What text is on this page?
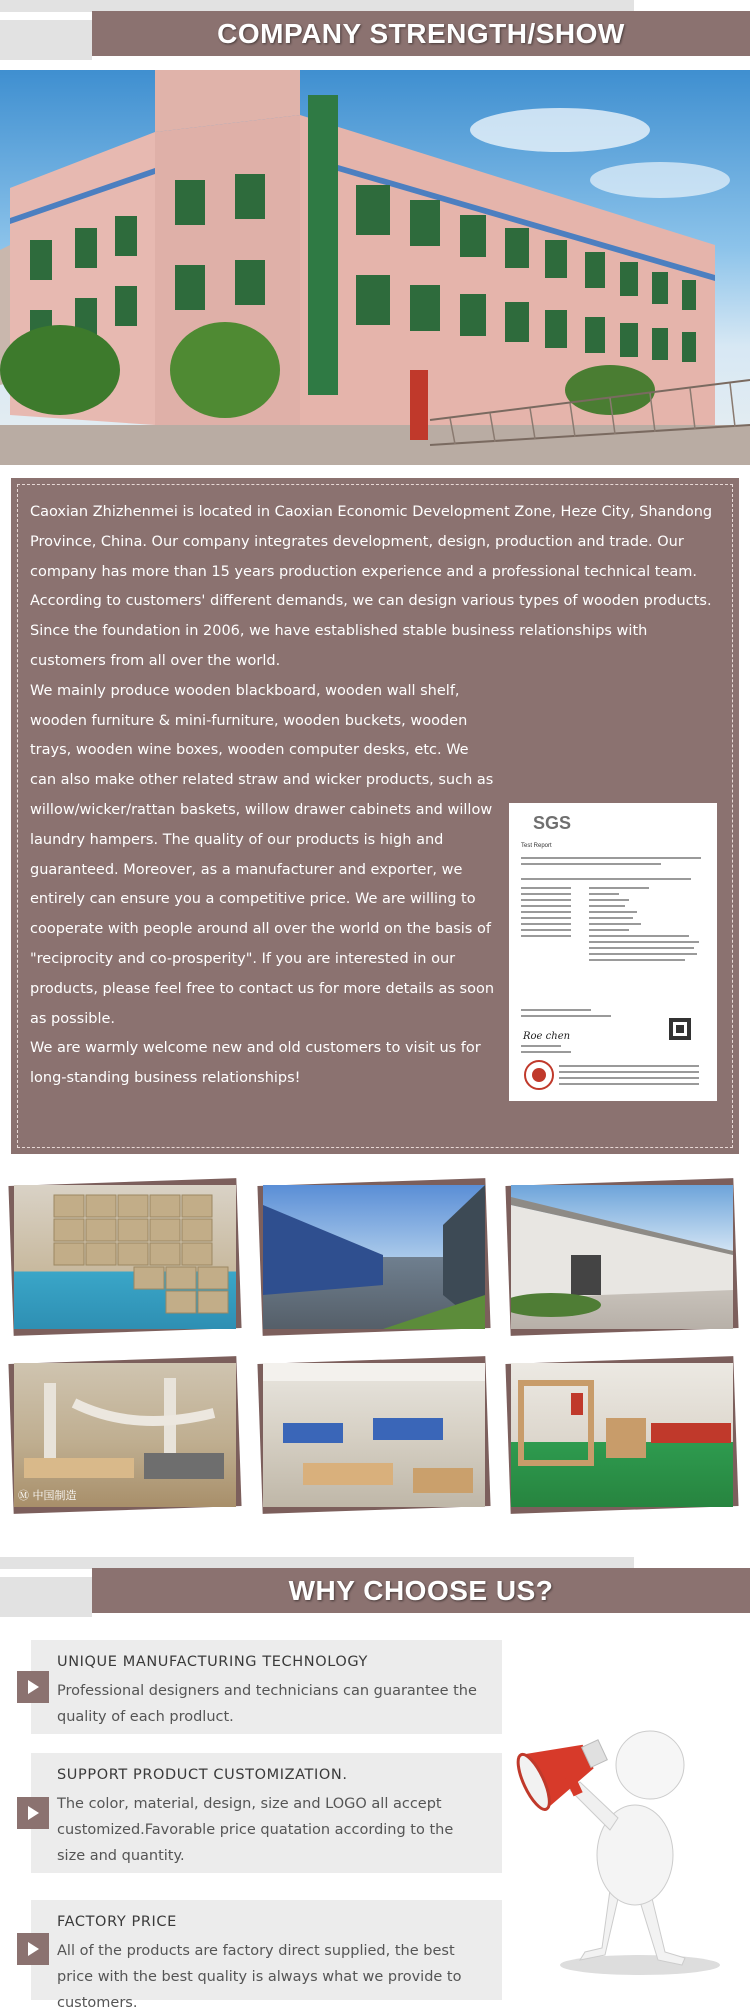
COMPANY STRENGTH/SHOW

Caoxian Zhizhenmei is located in Caoxian Economic Development Zone, Heze City, Shandong Province, China. Our company integrates development, design, production and trade. Our company has more than 15 years production experience and a professional technical team.

According to customers' different demands, we can design various types of wooden products. Since the foundation in 2006, we have established stable business relationships with customers from all over the world.

SGS
Test Report
Roe chen

We mainly produce wooden blackboard, wooden wall shelf, wooden furniture & mini-furniture, wooden buckets, wooden trays, wooden wine boxes, wooden computer desks, etc. We can also make other related straw and wicker products, such as willow/wicker/rattan baskets, willow drawer cabinets and willow laundry hampers. The quality of our products is high and guaranteed. Moreover, as a manufacturer and exporter, we entirely can ensure you a competitive price. We are willing to cooperate with people around all over the world on the basis of "reciprocity and co-prosperity". If you are interested in our products, please feel free to contact us for more details as soon as possible.

We are warmly welcome new and old customers to visit us for long-standing business relationships!

Ⓜ 中国制造
WHY CHOOSE US?
UNIQUE MANUFACTURING TECHNOLOGY
Professional designers and technicians can guarantee the quality of each prodluct.
SUPPORT PRODUCT CUSTOMIZATION.
The color, material, design, size and LOGO all accept customized.Favorable price quatation according to the size and quantity.
FACTORY PRICE
All of the products are factory direct supplied, the best price with the best quality is always what we provide to customers.
